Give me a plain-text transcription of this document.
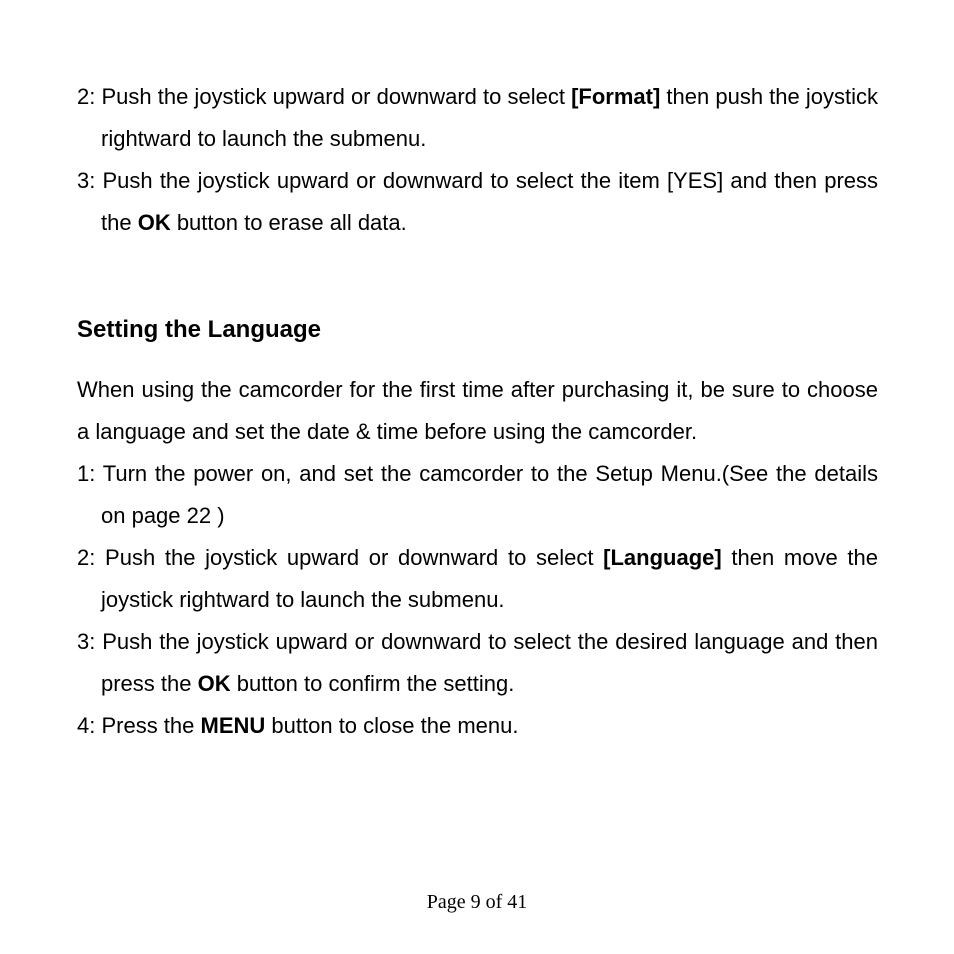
2: Push the joystick upward or downward to select [Format] then push the joystick rightward to launch the submenu.

3: Push the joystick upward or downward to select the item [YES] and then press the OK button to erase all data.

Setting the Language

When using the camcorder for the first time after purchasing it, be sure to choose a language and set the date & time before using the camcorder.

1: Turn the power on, and set the camcorder to the Setup Menu.(See the details on page 22 )

2: Push the joystick upward or downward to select [Language] then move the joystick rightward to launch the submenu.

3: Push the joystick upward or downward to select the desired language and then press the OK button to confirm the setting.

4: Press the MENU button to close the menu.

Page 9 of 41
